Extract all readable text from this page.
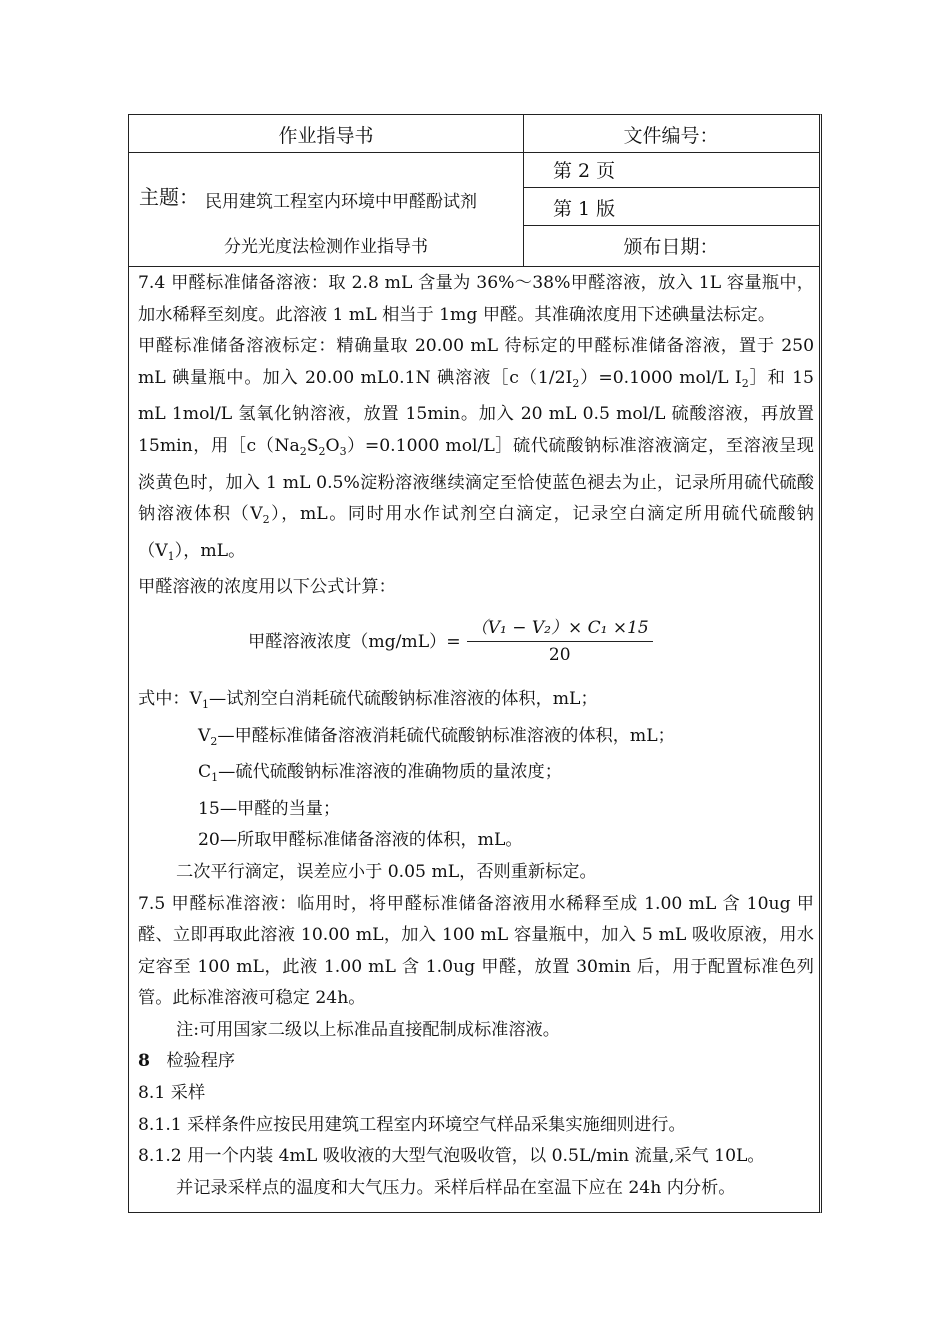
作业指导书	文件编号：
主题： 民用建筑工程室内环境中甲醛酚试剂
分光光度法检测作业指导书
第 2 页
第 1 版
颁布日期：

7.4 甲醛标准储备溶液：取 2.8 mL 含量为 36%～38%甲醛溶液，放入 1L 容量瓶中，加水稀释至刻度。此溶液 1 mL 相当于 1mg 甲醛。其准确浓度用下述碘量法标定。

甲醛标准储备溶液标定：精确量取 20.00 mL 待标定的甲醛标准储备溶液，置于 250 mL 碘量瓶中。加入 20.00 mL0.1N 碘溶液$[c(1/2I_2)=0.1000$ mol/L $I_2]$和 15 mL 1mol/L 氢氧化钠溶液，放置 15min。加入 20 mL 0.5 mol/L 硫酸溶液，再放置 15min，用$[c(Na_2S_2O_3)=0.1000$ mol/L］硫代硫酸钠标准溶液滴定，至溶液呈现淡黄色时，加入 1 mL 0.5%淀粉溶液继续滴定至恰使蓝色褪去为止，记录所用硫代硫酸钠溶液体积$(V_2)$，mL。同时用水作试剂空白滴定，记录空白滴定所用硫代硫酸钠$(V_1)$，mL。

甲醛溶液的浓度用以下公式计算：

甲醛溶液浓度$(mg/mL)= \frac{\text{（V₁ − V₂）× C₁ ×15}}{20}$

式中：$V_1—$试剂空白消耗硫代硫酸钠标准溶液的体积，mL；

$V_2—$甲醛标准储备溶液消耗硫代硫酸钠标准溶液的体积，mL；

$C_1—$硫代硫酸钠标准溶液的准确物质的量浓度；

15—甲醛的当量；

20—所取甲醛标准储备溶液的体积，mL。

二次平行滴定，误差应小于 0.05 mL，否则重新标定。

7.5 甲醛标准溶液：临用时，将甲醛标准储备溶液用水稀释至成 1.00 mL 含 10ug 甲醛、立即再取此溶液 10.00 mL，加入 100 mL 容量瓶中，加入 5 mL 吸收原液，用水定容至 100 mL，此液 1.00 mL 含 1.0ug 甲醛，放置 30min 后，用于配置标准色列管。此标准溶液可稳定 24h。

注:可用国家二级以上标准品直接配制成标准溶液。

8 检验程序

8.1 采样

8.1.1 采样条件应按民用建筑工程室内环境空气样品采集实施细则进行。

8.1.2 用一个内装 4mL 吸收液的大型气泡吸收管，以 0.5L/min 流量,采气 10L。

并记录采样点的温度和大气压力。采样后样品在室温下应在 24h 内分析。
